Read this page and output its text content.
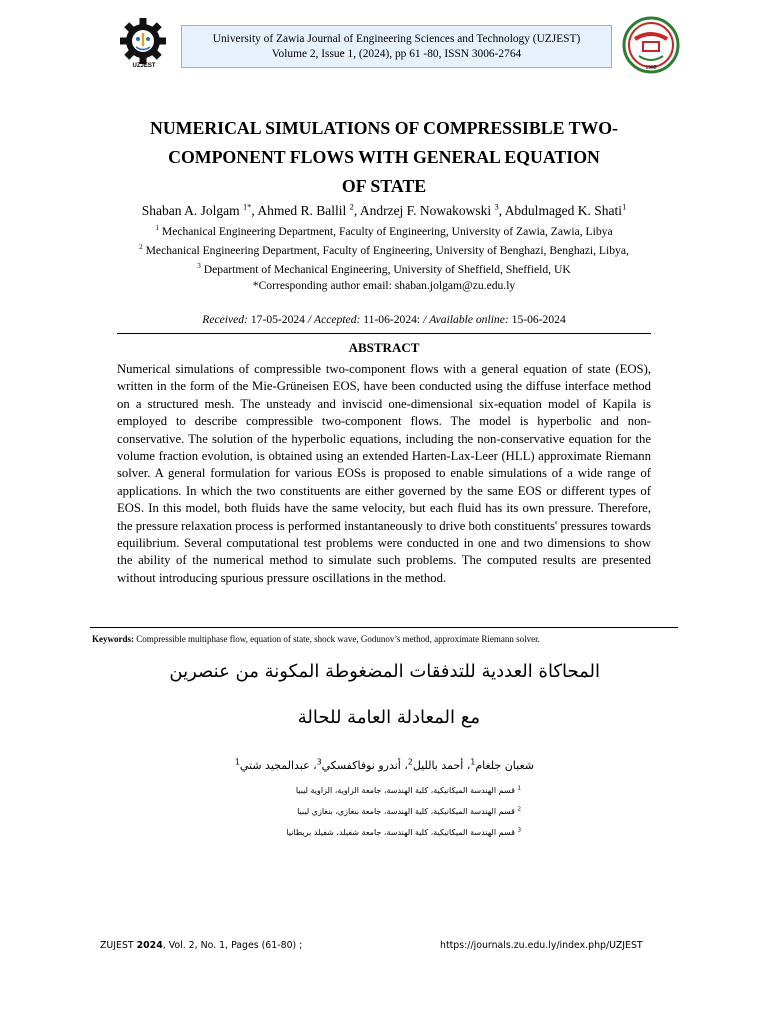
UZJEST
University of Zawia Journal of Engineering Sciences and Technology (UZJEST)
Volume 2, Issue 1, (2024), pp 61 -80, ISSN 3006-2764
1988
NUMERICAL SIMULATIONS OF COMPRESSIBLE TWO-
COMPONENT FLOWS WITH GENERAL EQUATION
OF STATE
Shaban A. Jolgam $^{1*}$, Ahmed R. Ballil $^2$, Andrzej F. Nowakowski $^3$, Abdulmaged K. Shati$^1$
$^1$ Mechanical Engineering Department, Faculty of Engineering, University of Zawia, Zawia, Libya
$^2$ Mechanical Engineering Department, Faculty of Engineering, University of Benghazi, Benghazi, Libya,
$^3$ Department of Mechanical Engineering, University of Sheffield, Sheffield, UK
*Corresponding author email: shaban.jolgam@zu.edu.ly
Received: 17-05-2024 / Accepted: 11-06-2024: / Available online: 15-06-2024
ABSTRACT

Numerical simulations of compressible two-component flows with a general equation of state (EOS), written in the form of the Mie-Grüneisen EOS, have been conducted using the diffuse interface method on a structured mesh. The unsteady and inviscid one-dimensional six-equation model of Kapila is employed to describe compressible two-component flows. The model is hyperbolic and non-conservative. The solution of the hyperbolic equations, including the non-conservative equation for the volume fraction evolution, is obtained using an extended Harten-Lax-Leer (HLL) approximate Riemann solver. A general formulation for various EOSs is proposed to enable simulations of a wide range of applications. In which the two constituents are either governed by the same EOS or different types of EOS. In this model, both fluids have the same velocity, but each fluid has its own pressure. Therefore, the pressure relaxation process is performed instantaneously to drive both constituents' pressures towards equilibrium. Several computational test problems were conducted in one and two dimensions to show the ability of the numerical method to simulate such problems. The computed results are presented without introducing spurious pressure oscillations in the method.

Keywords: Compressible multiphase flow, equation of state, shock wave, Godunov’s method, approximate Riemann solver.
المحاكاة العددية للتدفقات المضغوطة المكونة من عنصرين
مع المعادلة العامة للحالة
شعبان جلغام$^1$، أحمد بالليل$^2$، أندرو نوفاكفسكي$^3$، عبدالمجيد شتي$^1$
$^1$ قسم الهندسة الميكانيكية، كلية الهندسة، جامعة الزاوية، الزاوية ليبيا
$^2$ قسم الهندسة الميكانيكية، كلية الهندسة، جامعة بنغازي، بنغازي ليبيا
$^3$ قسم الهندسة الميكانيكية، كلية الهندسة، جامعة شفيلد، شفيلد بريطانيا
ZUJEST 2024, Vol. 2, No. 1, Pages (61-80) ;	https://journals.zu.edu.ly/index.php/UZJEST
